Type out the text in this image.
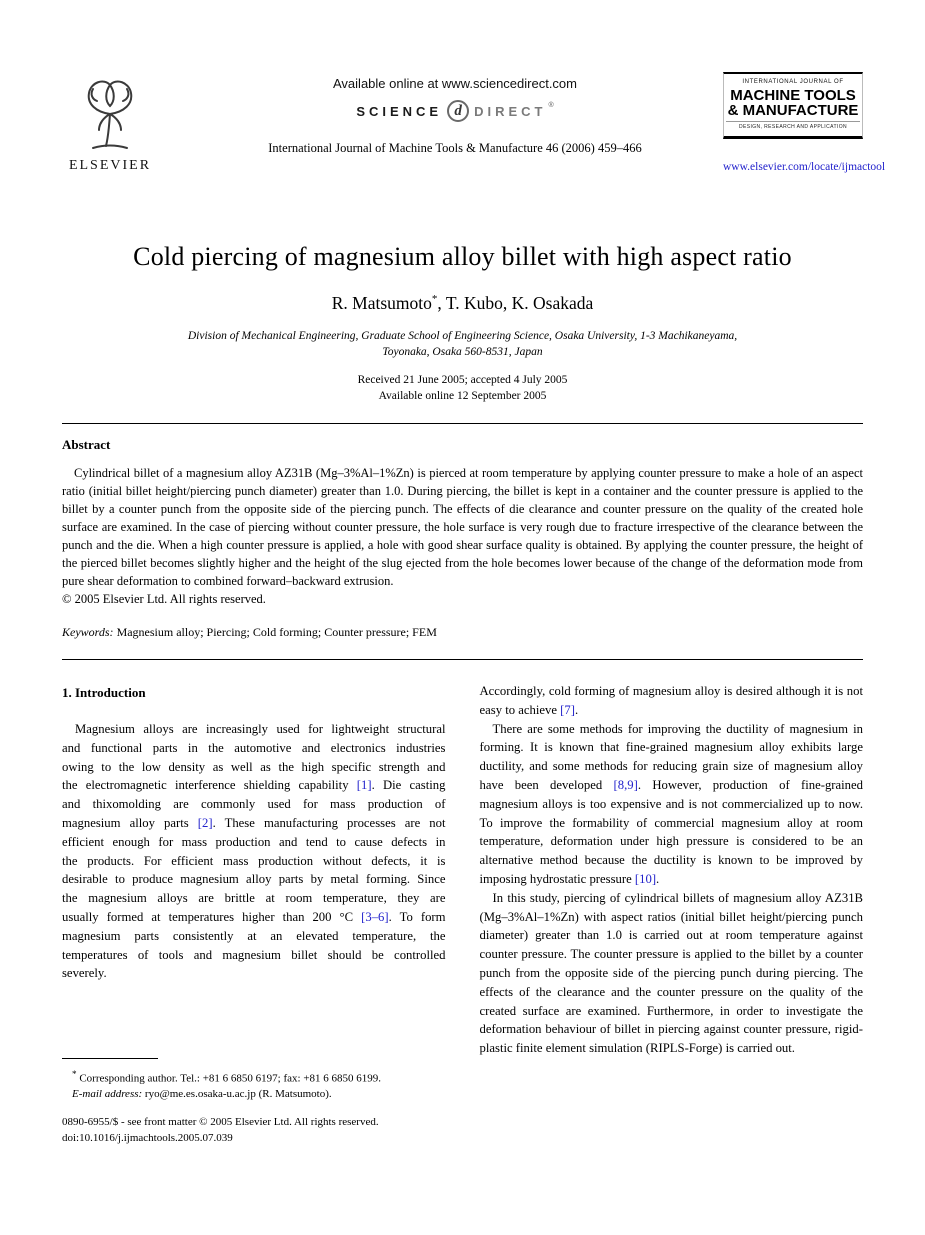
ELSEVIER
Available online at www.sciencedirect.com
SCIENCE d DIRECT ®
International Journal of Machine Tools & Manufacture 46 (2006) 459–466
INTERNATIONAL JOURNAL OF
MACHINE TOOLS
& MANUFACTURE
DESIGN, RESEARCH AND APPLICATION
www.elsevier.com/locate/ijmactool
Cold piercing of magnesium alloy billet with high aspect ratio
R. Matsumoto*, T. Kubo, K. Osakada
Division of Mechanical Engineering, Graduate School of Engineering Science, Osaka University, 1-3 Machikaneyama,
Toyonaka, Osaka 560-8531, Japan
Received 21 June 2005; accepted 4 July 2005
Available online 12 September 2005
Abstract

Cylindrical billet of a magnesium alloy AZ31B (Mg–3%Al–1%Zn) is pierced at room temperature by applying counter pressure to make a hole of an aspect ratio (initial billet height/piercing punch diameter) greater than 1.0. During piercing, the billet is kept in a container and the counter pressure is applied to the billet by a counter punch from the opposite side of the piercing punch. The effects of die clearance and counter pressure on the quality of the created hole surface are examined. In the case of piercing without counter pressure, the hole surface is very rough due to fracture irrespective of the clearance between the punch and the die. When a high counter pressure is applied, a hole with good shear surface quality is obtained. By applying the counter pressure, the height of the pierced billet becomes slightly higher and the height of the slug ejected from the hole becomes lower because of the change of the deformation mode from pure shear deformation to combined forward–backward extrusion.

© 2005 Elsevier Ltd. All rights reserved.

Keywords: Magnesium alloy; Piercing; Cold forming; Counter pressure; FEM

1. Introduction

Magnesium alloys are increasingly used for lightweight structural and functional parts in the automotive and electronics industries owing to the low density as well as the high specific strength and the electromagnetic interference shielding capability [1]. Die casting and thixomolding are commonly used for mass production of magnesium alloy parts [2]. These manufacturing processes are not efficient enough for mass production and tend to cause defects in the products. For efficient mass production without defects, it is desirable to produce magnesium alloy parts by metal forming. Since the magnesium alloys are brittle at room temperature, they are usually formed at temperatures higher than 200 °C [3–6]. To form magnesium parts consistently at an elevated temperature, the temperatures of tools and magnesium billet should be controlled severely.

Accordingly, cold forming of magnesium alloy is desired although it is not easy to achieve [7].

There are some methods for improving the ductility of magnesium in forming. It is known that fine-grained magnesium alloy exhibits large ductility, and some methods for reducing grain size of magnesium alloy have been developed [8,9]. However, production of fine-grained magnesium alloys is too expensive and is not commercialized up to now. To improve the formability of commercial magnesium alloy at room temperature, deformation under high pressure is considered to be an alternative method because the ductility is known to be improved by imposing hydrostatic pressure [10].

In this study, piercing of cylindrical billets of magnesium alloy AZ31B (Mg–3%Al–1%Zn) with aspect ratios (initial billet height/piercing punch diameter) greater than 1.0 is carried out at room temperature against counter pressure. The counter pressure is applied to the billet by a counter punch from the opposite side of the piercing punch during piercing. The effects of the clearance and the counter pressure on the quality of the created surface are examined. Furthermore, in order to investigate the deformation behaviour of billet in piercing against counter pressure, rigid-plastic finite element simulation (RIPLS-Forge) is carried out.

* Corresponding author. Tel.: +81 6 6850 6197; fax: +81 6 6850 6199.
E-mail address: ryo@me.es.osaka-u.ac.jp (R. Matsumoto).
0890-6955/$ - see front matter © 2005 Elsevier Ltd. All rights reserved.
doi:10.1016/j.ijmachtools.2005.07.039
